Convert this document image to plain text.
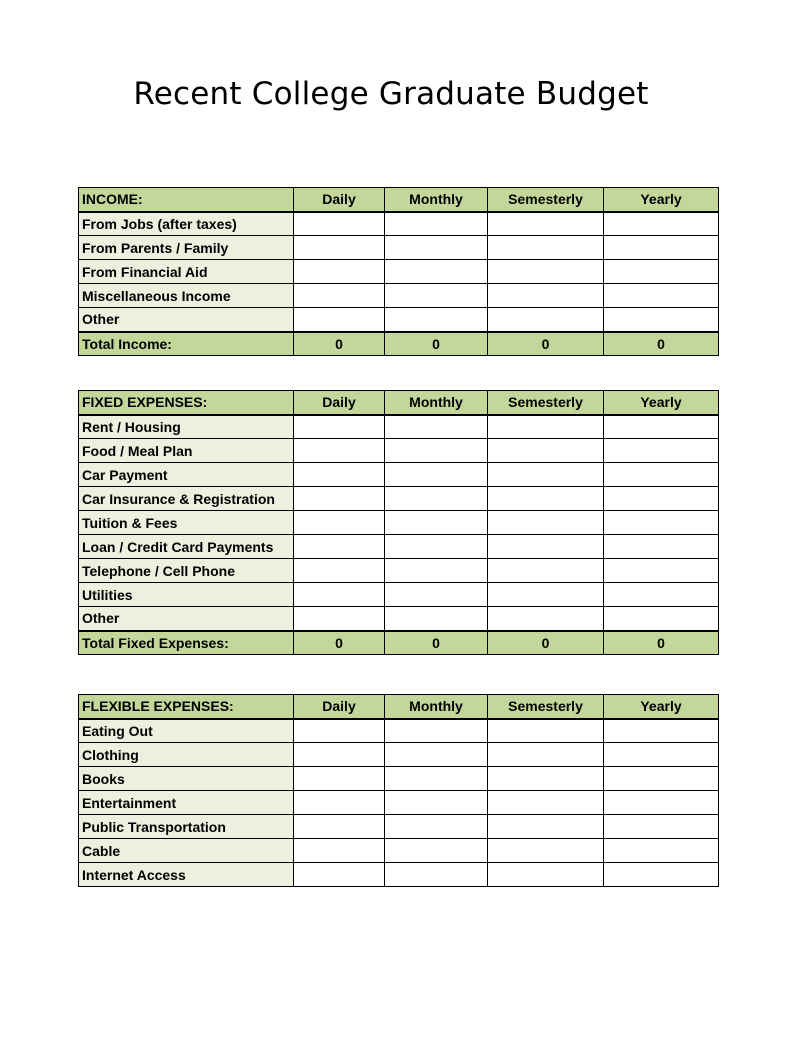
Recent College Graduate Budget
INCOME:	Daily	Monthly	Semesterly	Yearly
From Jobs (after taxes)				
From Parents / Family				
From Financial Aid				
Miscellaneous Income				
Other				
Total Income:	0	0	0	0
FIXED EXPENSES:	Daily	Monthly	Semesterly	Yearly
Rent / Housing				
Food / Meal Plan				
Car Payment				
Car Insurance & Registration				
Tuition & Fees				
Loan / Credit Card Payments				
Telephone / Cell Phone				
Utilities				
Other				
Total Fixed Expenses:	0	0	0	0
FLEXIBLE EXPENSES:	Daily	Monthly	Semesterly	Yearly
Eating Out				
Clothing				
Books				
Entertainment				
Public Transportation				
Cable				
Internet Access				
